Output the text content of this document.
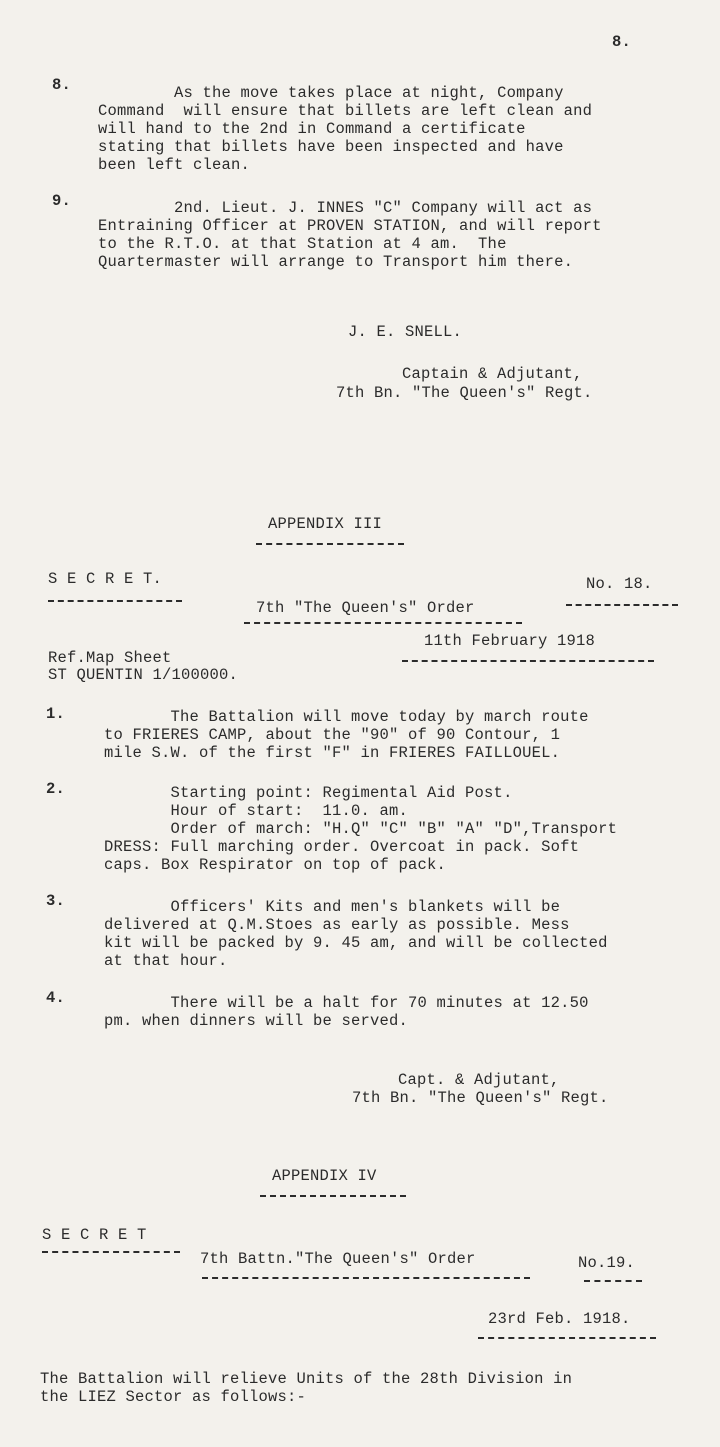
8.
8. As the move takes place at night, Company
Command  will ensure that billets are left clean and
will hand to the 2nd in Command a certificate
stating that billets have been inspected and have
been left clean.
9. 2nd. Lieut. J. INNES "C" Company will act as
Entraining Officer at PROVEN STATION, and will report
to the R.T.O. at that Station at 4 am.  The
Quartermaster will arrange to Transport him there.
J. E. SNELL.
Captain & Adjutant,
7th Bn. "The Queen's" Regt.
APPENDIX III
S E C R E T.	No. 18.
7th "The Queen's" Order
11th February 1918
Ref.Map Sheet
ST QUENTIN 1/100000.
1.	The Battalion will move today by march route
to FRIERES CAMP, about the "90" of 90 Contour, 1
mile S.W. of the first "F" in FRIERES FAILLOUEL.
2.	Starting point: Regimental Aid Post.
Hour of start:  11.0. am.
Order of march: "H.Q" "C" "B" "A" "D",Transport
DRESS: Full marching order. Overcoat in pack. Soft
caps. Box Respirator on top of pack.
3.	Officers' Kits and men's blankets will be
delivered at Q.M.Stoes as early as possible. Mess
kit will be packed by 9. 45 am, and will be collected
at that hour.
4.	There will be a halt for 70 minutes at 12.50
pm. when dinners will be served.
Capt. & Adjutant,
7th Bn. "The Queen's" Regt.
APPENDIX IV
S E C R E T
7th Battn."The Queen's" Order	No.19.
23rd Feb. 1918.
The Battalion will relieve Units of the 28th Division in
the LIEZ Sector as follows:-
